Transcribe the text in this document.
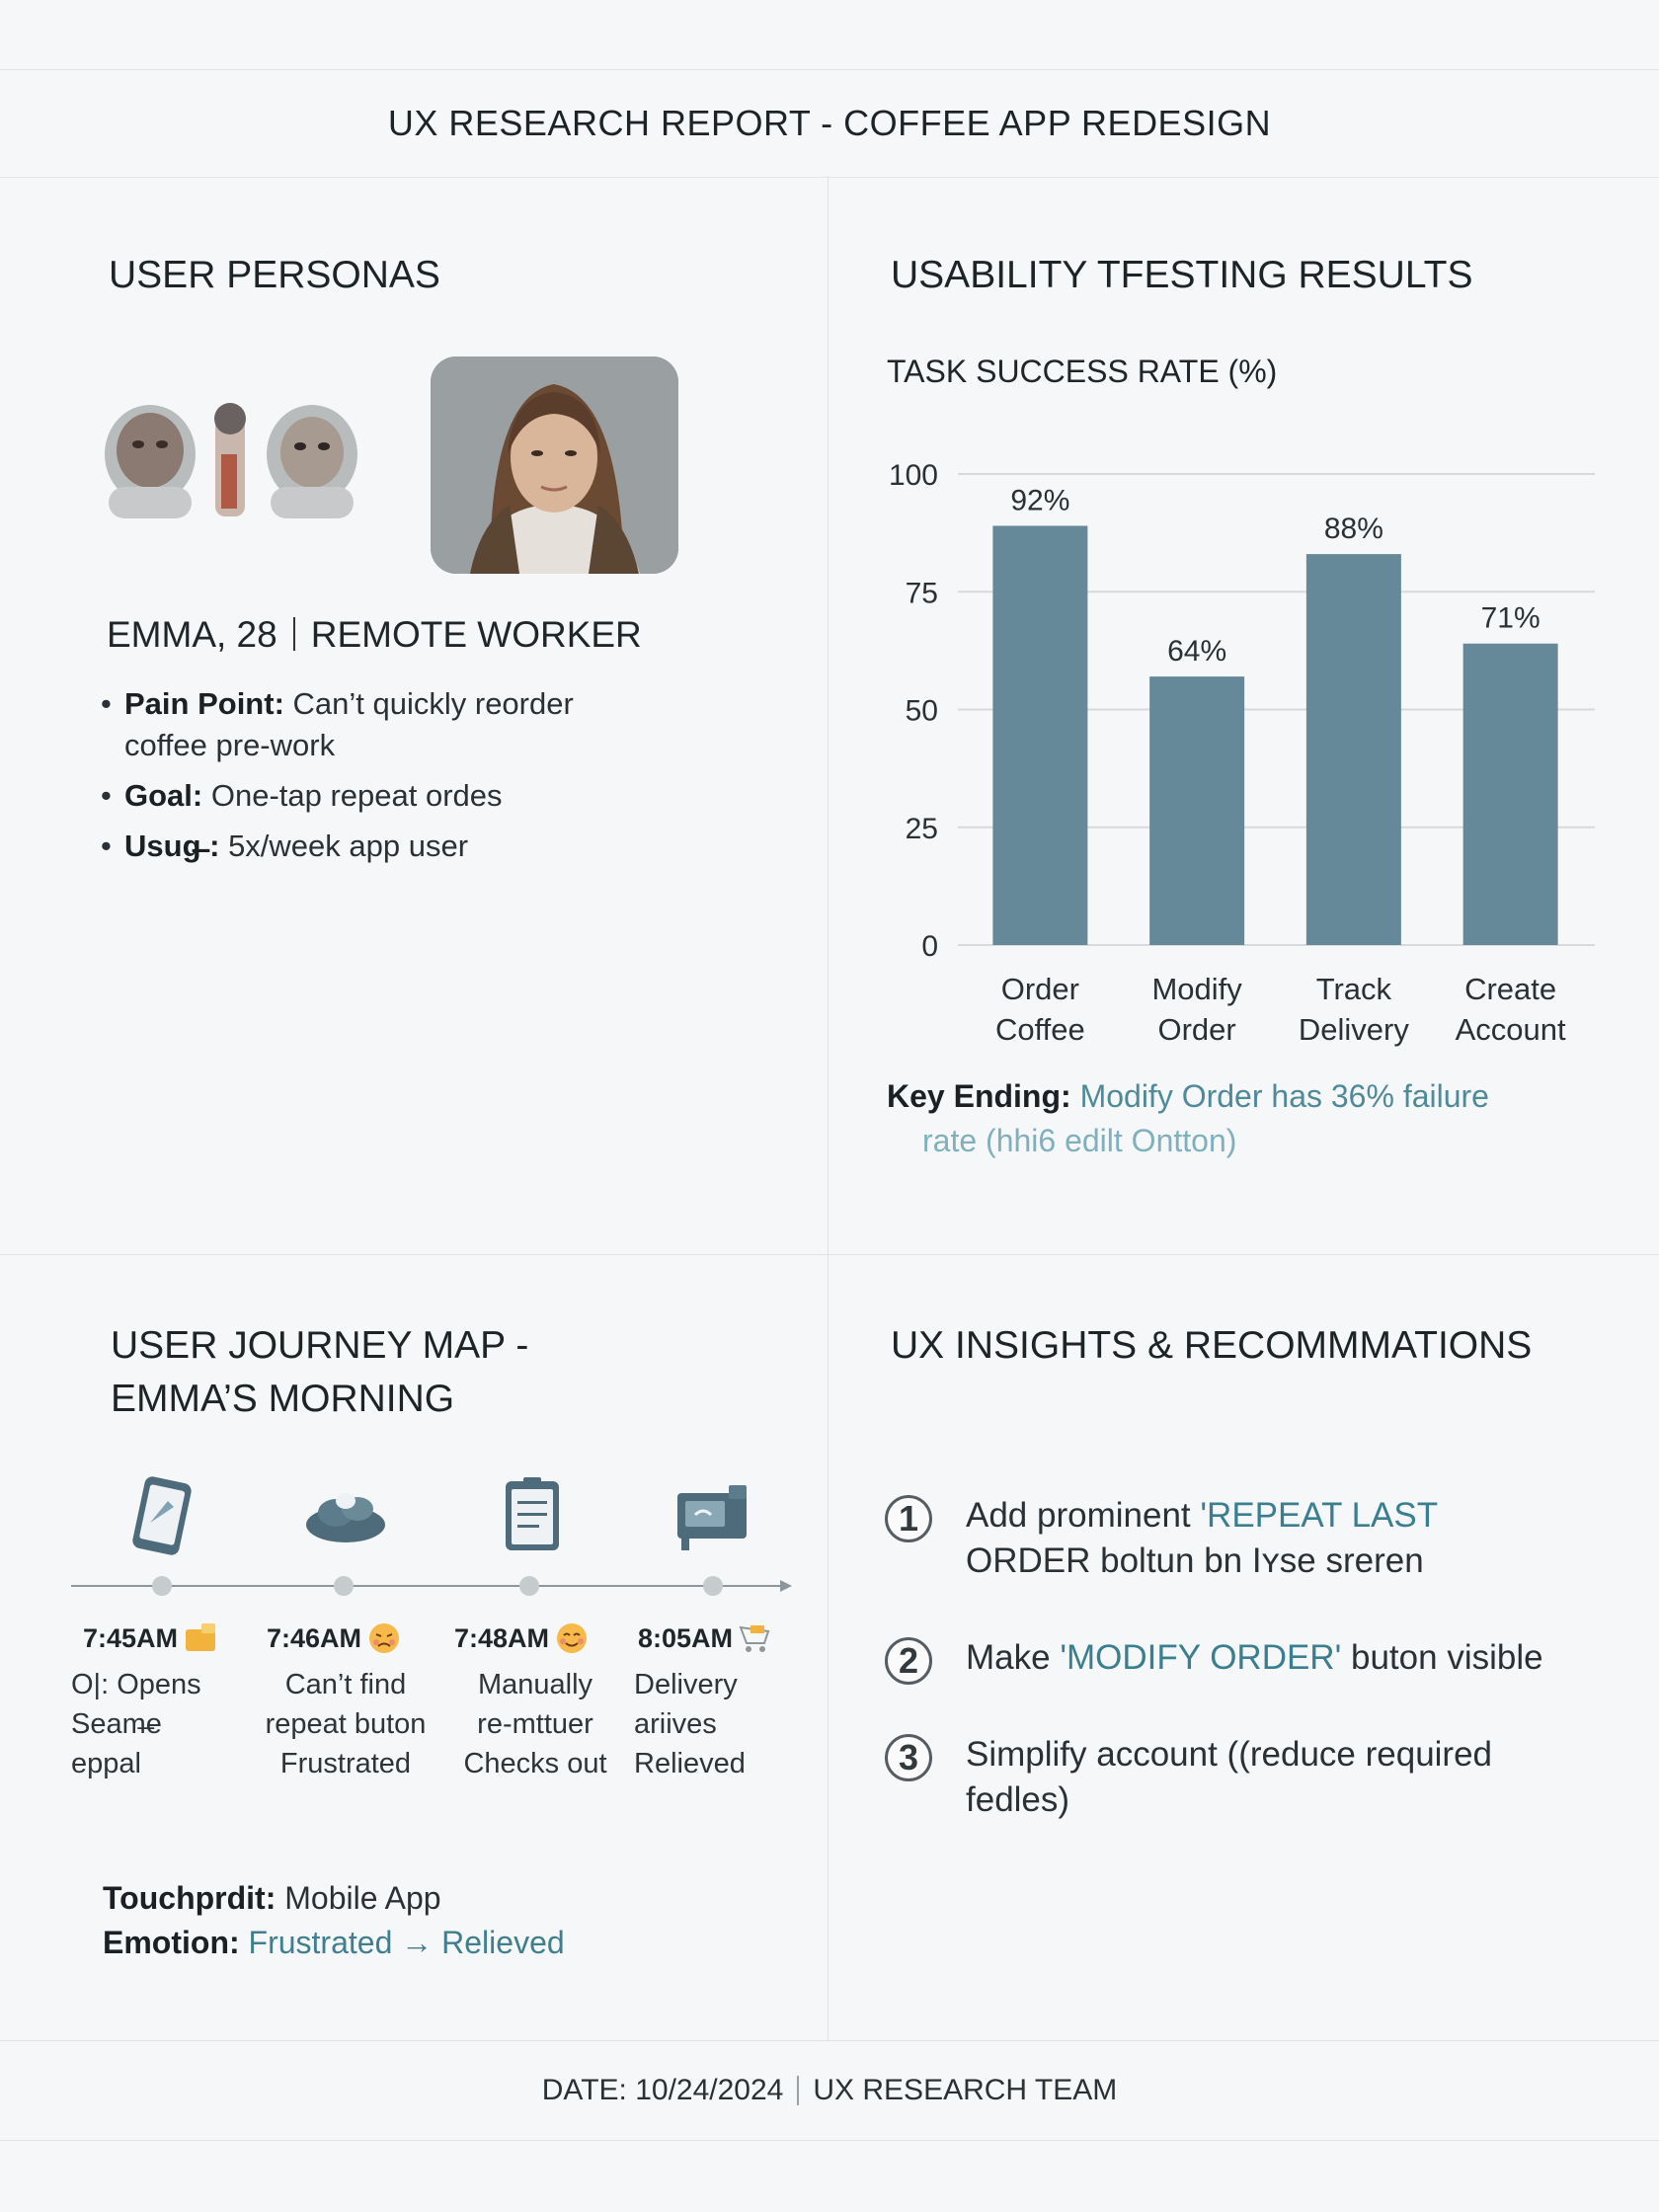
UX RESEARCH REPORT - COFFEE APP REDESIGN
USER PERSONAS
EMMA, 28 REMOTE WORKER
• Pain Point: Can’t quickly reorder coffee pre-work
• Goal: One-tap repeat ordes
• Usug̶ : 5x/week app user
USABILITY TFESTING RESULTS
TASK SUCCESS RATE (%)
0
25
50
75
100
92%
Order
Coffee
64%
Modify
Order
88%
Track
Delivery
71%
Create
Account
Key Ending: Modify Order has 36% failure
rate (hhi6 edilt Ontton)
USER JOURNEY MAP -
EMMA’S MORNING
7:45AM
O|: Opens
Seam̶e
eppal
7:46AM
Can’t find
repeat buton
Frustrated
7:48AM
Manually
re-mttuer
Checks out
8:05AM
Delivery
ariives
Relieved
Touchprdit: Mobile App
Emotion: Frustrated → Relieved
UX INSIGHTS & RECOMMMATIONS
1	Add prominent 'REPEAT LAST
ORDER boltun bn Iʏse sreren
2	Make 'MODIFY ORDER' buton visible
3	Simplify account ((reduce required fedles)
DATE: 10/24/2024 UX RESEARCH TEAM
